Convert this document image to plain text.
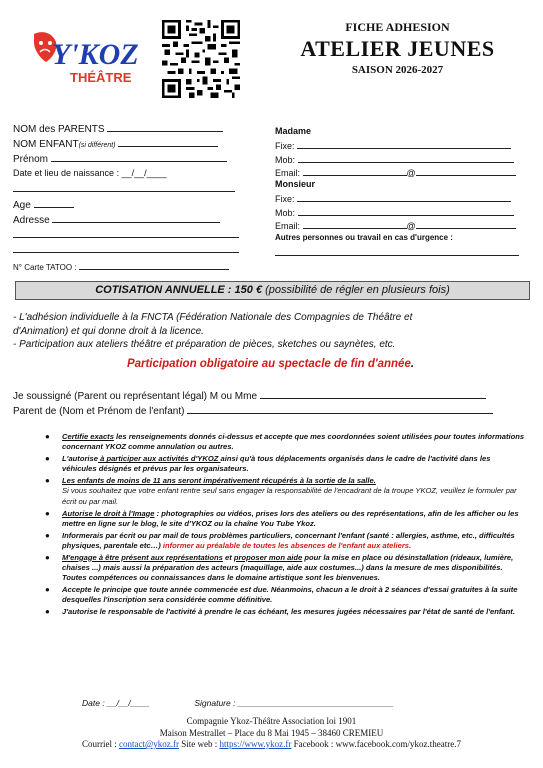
Y'KOZ
THÉÂTRE
FICHE ADHESION
ATELIER JEUNES
SAISON 2026-2027
NOM des PARENTS
NOM ENFANT(si différent)
Prénom
Date et lieu de naissance : __/__/____
Age
Adresse
N° Carte TATOO :
Madame
Fixe:
Mob:
Email:	@
Monsieur
Fixe:
Mob:
Email:	@
Autres personnes ou travail en cas d'urgence :
COTISATION ANNUELLE : 150 € (possibilité de régler en plusieurs fois)
- L'adhésion individuelle à la FNCTA (Fédération Nationale des Compagnies de Théâtre et
d'Animation) et qui donne droit à la licence.
- Participation aux ateliers théâtre et préparation de pièces, sketches ou saynètes, etc.
Participation obligatoire au spectacle de fin d'année.
Je soussigné (Parent ou représentant légal) M ou Mme
Parent de (Nom et Prénom de l'enfant)
● Certifie exacts les renseignements donnés ci-dessus et accepte que mes coordonnées soient utilisées pour toutes informations concernant YKOZ comme annulation ou autres.
● L'autorise à participer aux activités d'YKOZ ainsi qu'à tous déplacements organisés dans le cadre de l'activité dans les véhicules désignés et prévus par les organisateurs.
● Les enfants de moins de 11 ans seront impérativement récupérés à la sortie de la salle.
Si vous souhaitez que votre enfant rentre seul sans engager la responsabilité de l'encadrant de la troupe YKOZ, veuillez le formuler par écrit ou par mail.
● Autorise le droit à l'Image : photographies ou vidéos, prises lors des ateliers ou des représentations, afin de les afficher ou les mettre en ligne sur le blog, le site d'YKOZ ou la chaîne You Tube Ykoz.
● Informerais par écrit ou par mail de tous problèmes particuliers, concernant l'enfant (santé : allergies, asthme, etc., difficultés physiques, parentale etc…) informer au préalable de toutes les absences de l'enfant aux ateliers.
● M'engage à être présent aux représentations et proposer mon aide pour la mise en place ou désinstallation (rideaux, lumière, chaises ...) mais aussi la préparation des acteurs (maquillage, aide aux costumes...) dans la mesure de mes disponibilités. Toutes compétences ou connaissances dans le domaine artistique sont les bienvenues.
● Accepte le principe que toute année commencée est due. Néanmoins, chacun a le droit à 2 séances d'essai gratuites à la suite desquelles l'inscription sera considérée comme définitive.
● J'autorise le responsable de l'activité à prendre le cas échéant, les mesures jugées nécessaires par l'état de santé de l'enfant.
Date : __/__/____	Signature : _________________________________
Compagnie Ykoz-Théâtre Association loi 1901
Maison Mestrallet – Place du 8 Mai 1945 – 38460 CREMIEU
Courriel : contact@ykoz.fr Site web : https://www.ykoz.fr Facebook : www.facebook.com/ykoz.theatre.7
